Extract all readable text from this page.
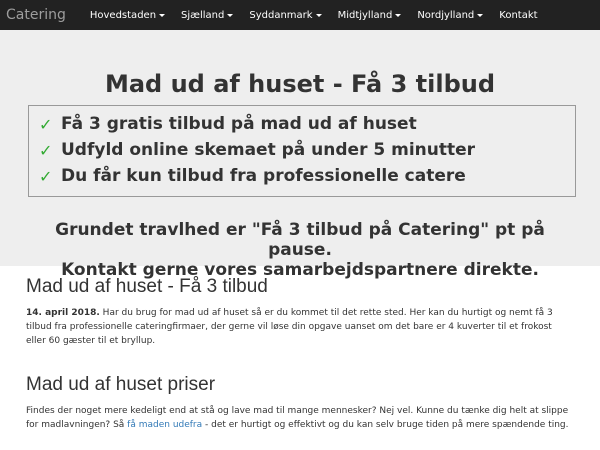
Catering	Hovedstaden	Sjælland	Syddanmark	Midtjylland	Nordjylland	Kontakt
Mad ud af huset - Få 3 tilbud
✓ Få 3 gratis tilbud på mad ud af huset
✓ Udfyld online skemaet på under 5 minutter
✓ Du får kun tilbud fra professionelle catere
Grundet travlhed er "Få 3 tilbud på Catering" pt på
pause.
Kontakt gerne vores samarbejdspartnere direkte.
Mad ud af huset - Få 3 tilbud

14. april 2018. Har du brug for mad ud af huset så er du kommet til det rette sted. Her kan du hurtigt og nemt få 3 tilbud fra professionelle cateringfirmaer, der gerne vil løse din opgave uanset om det bare er 4 kuverter til et frokost eller 60 gæster til et bryllup.

Mad ud af huset priser

Findes der noget mere kedeligt end at stå og lave mad til mange mennesker? Nej vel. Kunne du tænke dig helt at slippe for madlavningen? Så få maden udefra - det er hurtigt og effektivt og du kan selv bruge tiden på mere spændende ting.
